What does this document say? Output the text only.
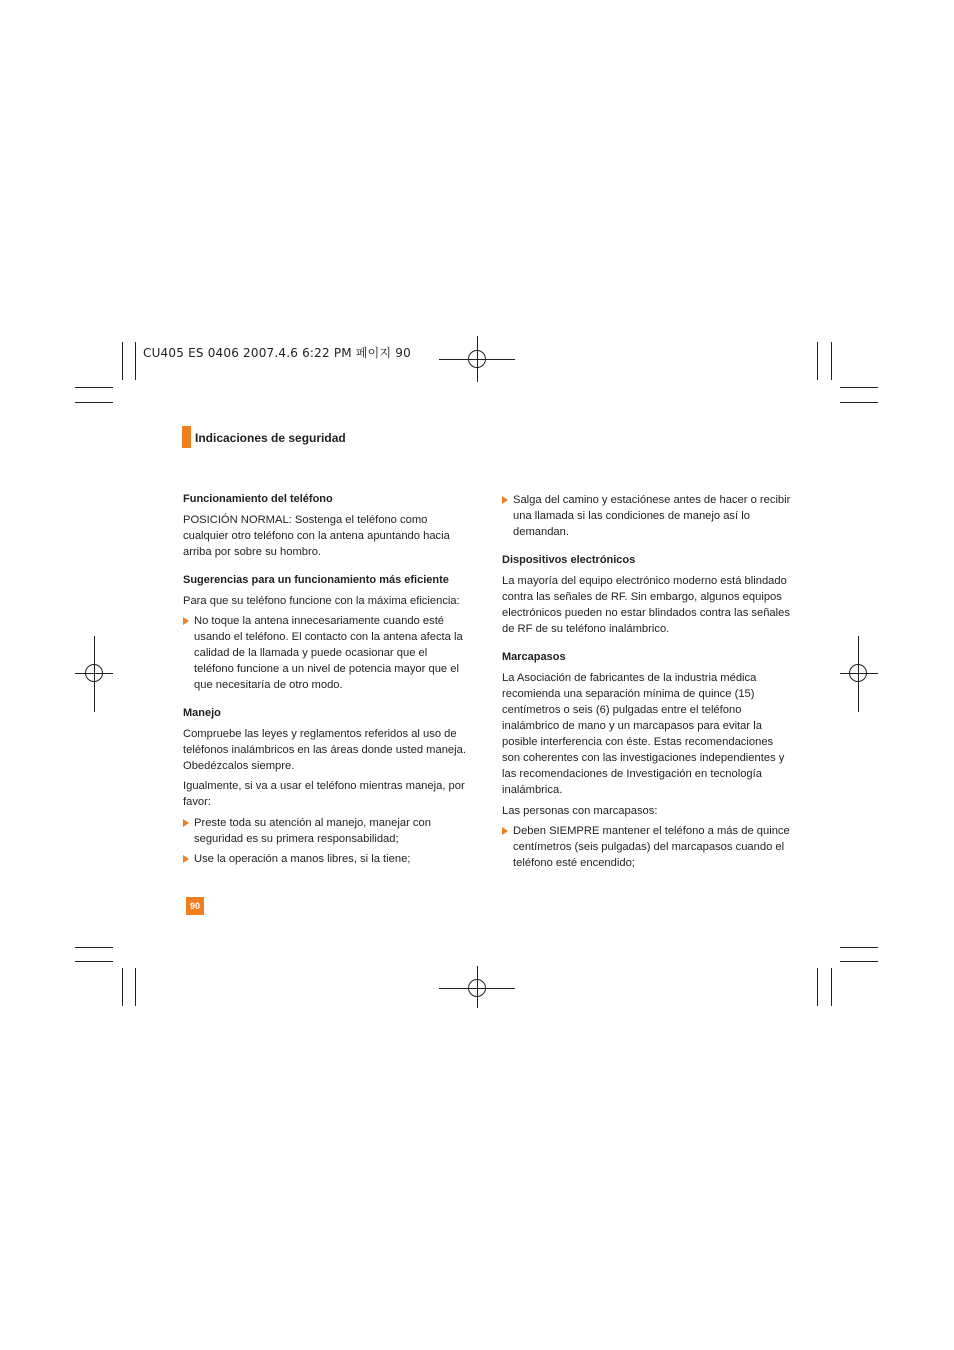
CU405 ES 0406 2007.4.6 6:22 PM 페이지 90
Indicaciones de seguridad

Funcionamiento del teléfono

POSICIÓN NORMAL: Sostenga el teléfono como cualquier otro teléfono con la antena apuntando hacia arriba por sobre su hombro.

Sugerencias para un funcionamiento más eficiente

Para que su teléfono funcione con la máxima eficiencia:

No toque la antena innecesariamente cuando esté usando el teléfono. El contacto con la antena afecta la calidad de la llamada y puede ocasionar que el teléfono funcione a un nivel de potencia mayor que el que necesitaría de otro modo.

Manejo

Compruebe las leyes y reglamentos referidos al uso de teléfonos inalámbricos en las áreas donde usted maneja. Obedézcalos siempre.

Igualmente, si va a usar el teléfono mientras maneja, por favor:

Preste toda su atención al manejo, manejar con seguridad es su primera responsabilidad;
Use la operación a manos libres, si la tiene;
Salga del camino y estaciónese antes de hacer o recibir una llamada si las condiciones de manejo así lo demandan.

Dispositivos electrónicos

La mayoría del equipo electrónico moderno está blindado contra las señales de RF. Sin embargo, algunos equipos electrónicos pueden no estar blindados contra las señales de RF de su teléfono inalámbrico.

Marcapasos

La Asociación de fabricantes de la industria médica recomienda una separación mínima de quince (15) centímetros o seis (6) pulgadas entre el teléfono inalámbrico de mano y un marcapasos para evitar la posible interferencia con éste. Estas recomendaciones son coherentes con las investigaciones independientes y las recomendaciones de Investigación en tecnología inalámbrica.

Las personas con marcapasos:

Deben SIEMPRE mantener el teléfono a más de quince centímetros (seis pulgadas) del marcapasos cuando el teléfono esté encendido;
90
